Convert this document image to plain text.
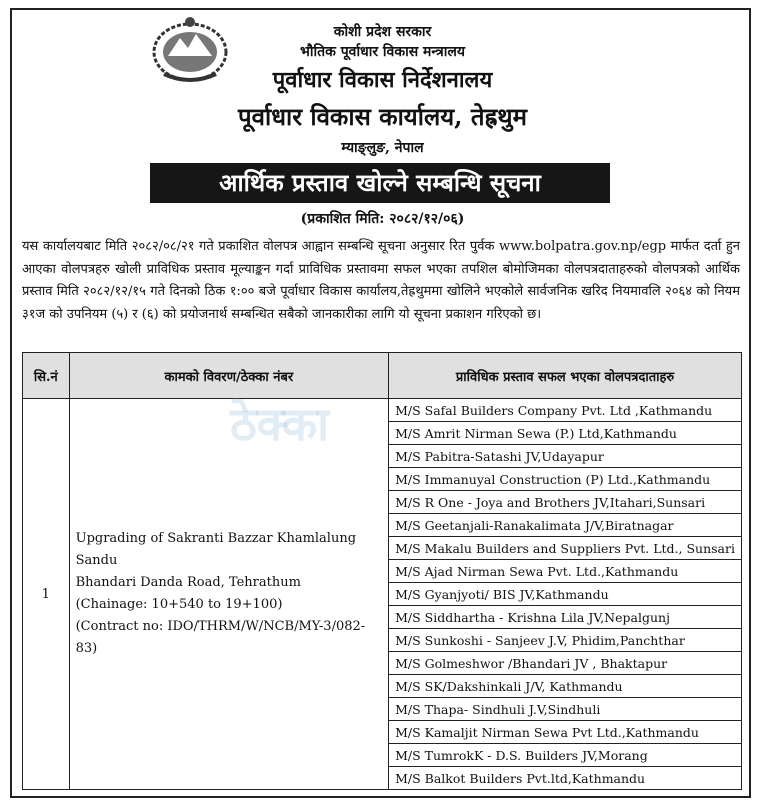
कोशी प्रदेश सरकार
भौतिक पूर्वाधार विकास मन्त्रालय
पूर्वाधार विकास निर्देशनालय
पूर्वाधार विकास कार्यालय, तेह्रथुम
म्याङ्लुङ, नेपाल
आर्थिक प्रस्ताव खोल्ने सम्बन्धि सूचना
(प्रकाशित मिति: २०८२/१२/०६)
यस कार्यालयबाट मिति २०८२/०८/२१ गते प्रकाशित वोलपत्र आह्वान सम्बन्धि सूचना अनुसार रित पुर्वक www.bolpatra.gov.np/egp मार्फत दर्ता हुन आएका वोलपत्रहरु खोली प्राविधिक प्रस्ताव मूल्याङ्कन गर्दा प्राविधिक प्रस्तावमा सफल भएका तपशिल बोमोजिमका वोलपत्रदाताहरुको वोलपत्रको आर्थिक प्रस्ताव मिति २०८२/१२/१५ गते दिनको ठिक १:०० बजे पूर्वाधार विकास कार्यालय,तेह्रथुममा खोलिने भएकोले सार्वजनिक खरिद नियमावलि २०६४ को नियम ३१ज को उपनियम (५) र (६) को प्रयोजनार्थ सम्बन्धित सबैको जानकारीका लागि यो सूचना प्रकाशन गरिएको छ।
सि.नं	कामको विवरण/ठेक्का नंबर	प्राविधिक प्रस्ताव सफल भएका वोलपत्रदाताहरु
1	Upgrading of Sakranti Bazzar Khamlalung Sandu
Bhandari Danda Road, Tehrathum
(Chainage: 10+540 to 19+100)
(Contract no: IDO/THRM/W/NCB/MY-3/082-83)	M/S Safal Builders Company Pvt. Ltd ,Kathmandu
		M/S Amrit Nirman Sewa (P.) Ltd,Kathmandu
		M/S Pabitra-Satashi JV,Udayapur
		M/S Immanuyal Construction (P) Ltd.,Kathmandu
		M/S R One - Joya and Brothers JV,Itahari,Sunsari
		M/S Geetanjali-Ranakalimata J/V,Biratnagar
		M/S Makalu Builders and Suppliers Pvt. Ltd., Sunsari
		M/S Ajad Nirman Sewa Pvt. Ltd.,Kathmandu
		M/S Gyanjyoti/ BIS JV,Kathmandu
		M/S Siddhartha - Krishna Lila JV,Nepalgunj
		M/S Sunkoshi - Sanjeev J.V, Phidim,Panchthar
		M/S Golmeshwor /Bhandari JV , Bhaktapur
		M/S SK/Dakshinkali J/V, Kathmandu
		M/S Thapa- Sindhuli J.V,Sindhuli
		M/S Kamaljit Nirman Sewa Pvt Ltd.,Kathmandu
		M/S TumrokK - D.S. Builders JV,Morang
		M/S Balkot Builders Pvt.ltd,Kathmandu
ठेक्का
